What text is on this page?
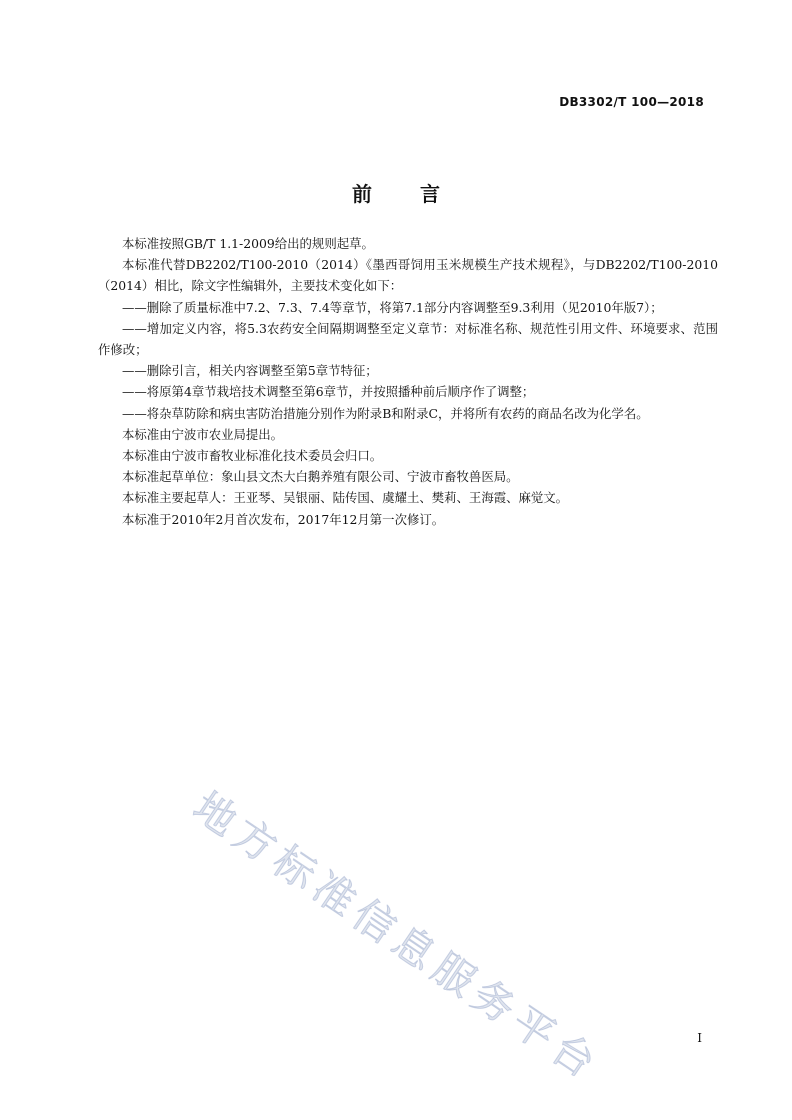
DB3302/T 100—2018
前言

本标准按照GB/T 1.1-2009给出的规则起草。

本标准代替DB2202/T100-2010（2014）《墨西哥饲用玉米规模生产技术规程》，与DB2202/T100-2010（2014）相比，除文字性编辑外，主要技术变化如下：

——删除了质量标准中7.2、7.3、7.4等章节，将第7.1部分内容调整至9.3利用（见2010年版7）；

——增加定义内容，将5.3农药安全间隔期调整至定义章节：对标准名称、规范性引用文件、环境要求、范围作修改；

——删除引言，相关内容调整至第5章节特征；

——将原第4章节栽培技术调整至第6章节，并按照播种前后顺序作了调整；

——将杂草防除和病虫害防治措施分别作为附录B和附录C，并将所有农药的商品名改为化学名。

本标准由宁波市农业局提出。

本标准由宁波市畜牧业标准化技术委员会归口。

本标准起草单位：象山县文杰大白鹅养殖有限公司、宁波市畜牧兽医局。

本标准主要起草人：王亚琴、吴银丽、陆传国、虞耀土、樊莉、王海霞、麻觉文。

本标准于2010年2月首次发布，2017年12月第一次修订。

地方标准信息服务平台	I
